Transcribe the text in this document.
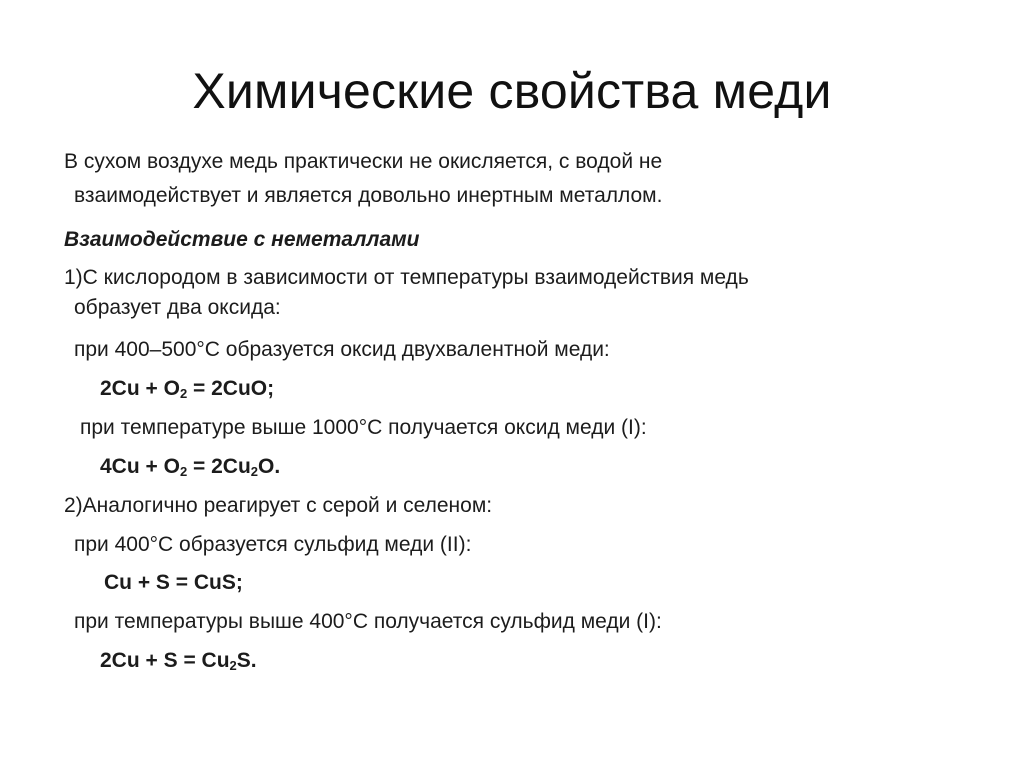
Химические свойства меди
В сухом воздухе медь практически не окисляется, с водой не
взаимодействует и является довольно инертным металлом.
Взаимодействие с неметаллами
1)С кислородом в зависимости от температуры взаимодействия медь
образует два оксида:
при 400–500°С образуется оксид двухвалентной меди:
$2Cu + O_2 = 2CuO$;
при температуре выше 1000°С получается оксид меди (I):
$4Cu + O_2 = 2Cu_2O$.
2)Аналогично реагирует с серой и селеном:
при 400°С образуется сульфид меди (II):
Cu + S = CuS;
при температуры выше 400°С получается сульфид меди (I):
$2Cu + S = Cu_2S$.
